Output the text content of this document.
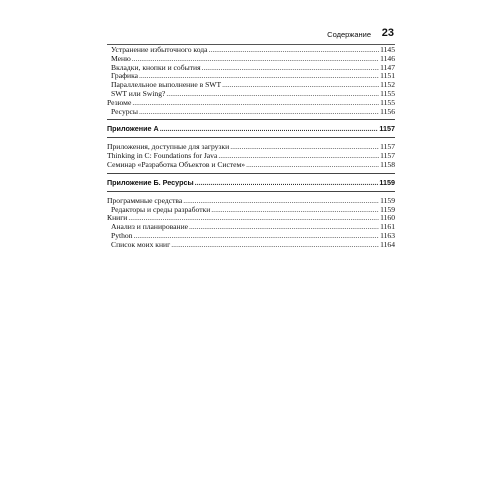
Содержание 23
Устранение избыточного кода .....	1145
Меню .....	1146
Вкладки, кнопки и события .....	1147
Графика .....	1151
Параллельное выполнение в SWT .....	1152
SWT или Swing? .....	1155
Резюме .....	1155
Ресурсы .....	1156
Приложение А .....	1157
Приложения, доступные для загрузки .....	1157
Thinking in C: Foundations for Java .....	1157
Семинар «Разработка Объектов и Систем» .....	1158
Приложение Б. Ресурсы .....	1159
Программные средства .....	1159
Редакторы и среды разработки .....	1159
Книги .....	1160
Анализ и планирование .....	1161
Python .....	1163
Список моих книг .....	1164
